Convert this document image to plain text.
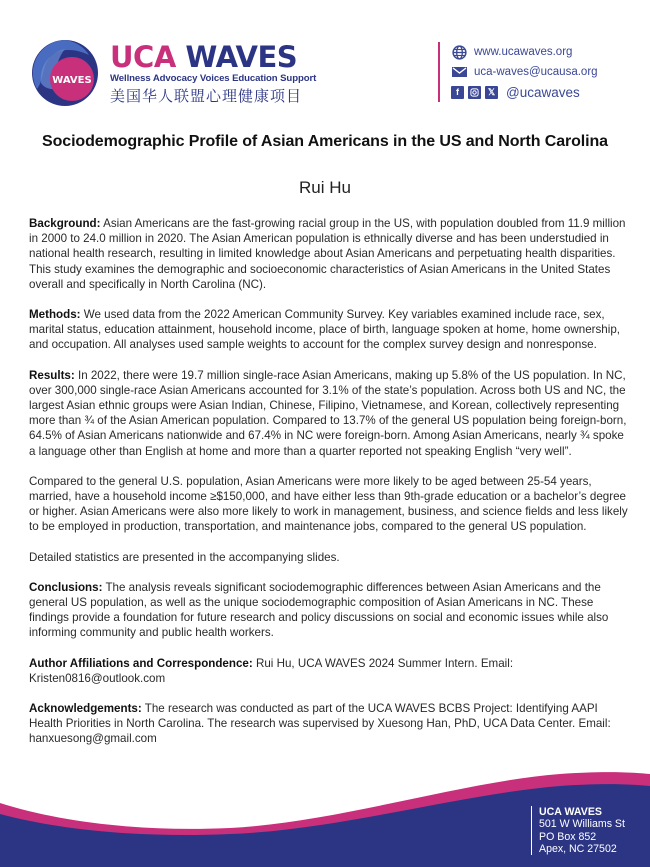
WAVES
UCA WAVES
Wellness Advocacy Voices Education Support
美国华人联盟心理健康项目
www.ucawaves.org
uca-waves@ucausa.org
f	𝕏 @ucawaves
Sociodemographic Profile of Asian Americans in the US and North Carolina
Rui Hu

Background: Asian Americans are the fast-growing racial group in the US, with population doubled from 11.9 million in 2000 to 24.0 million in 2020. The Asian American population is ethnically diverse and has been understudied in national health research, resulting in limited knowledge about Asian Americans and perpetuating health disparities. This study examines the demographic and socioeconomic characteristics of Asian Americans in the United States overall and specifically in North Carolina (NC).

Methods: We used data from the 2022 American Community Survey. Key variables examined include race, sex, marital status, education attainment, household income, place of birth, language spoken at home, home ownership, and occupation. All analyses used sample weights to account for the complex survey design and nonresponse.

Results: In 2022, there were 19.7 million single-race Asian Americans, making up 5.8% of the US population. In NC, over 300,000 single-race Asian Americans accounted for 3.1% of the state’s population. Across both US and NC, the largest Asian ethnic groups were Asian Indian, Chinese, Filipino, Vietnamese, and Korean, collectively representing more than ¾ of the Asian American population. Compared to 13.7% of the general US population being foreign-born, 64.5% of Asian Americans nationwide and 67.4% in NC were foreign-born. Among Asian Americans, nearly ¾ spoke a language other than English at home and more than a quarter reported not speaking English “very well”.

Compared to the general U.S. population, Asian Americans were more likely to be aged between 25-54 years, married, have a household income ≥$150,000, and have either less than 9th-grade education or a bachelor’s degree or higher. Asian Americans were also more likely to work in management, business, and science fields and less likely to be employed in production, transportation, and maintenance jobs, compared to the general US population.

Detailed statistics are presented in the accompanying slides.

Conclusions: The analysis reveals significant sociodemographic differences between Asian Americans and the general US population, as well as the unique sociodemographic composition of Asian Americans in NC. These findings provide a foundation for future research and policy discussions on social and economic issues while also informing community and public health workers.

Author Affiliations and Correspondence: Rui Hu, UCA WAVES 2024 Summer Intern. Email: Kristen0816@outlook.com

Acknowledgements: The research was conducted as part of the UCA WAVES BCBS Project: Identifying AAPI Health Priorities in North Carolina. The research was supervised by Xuesong Han, PhD, UCA Data Center. Email: hanxuesong@gmail.com

UCA WAVES
501 W Williams St
PO Box 852
Apex, NC 27502
